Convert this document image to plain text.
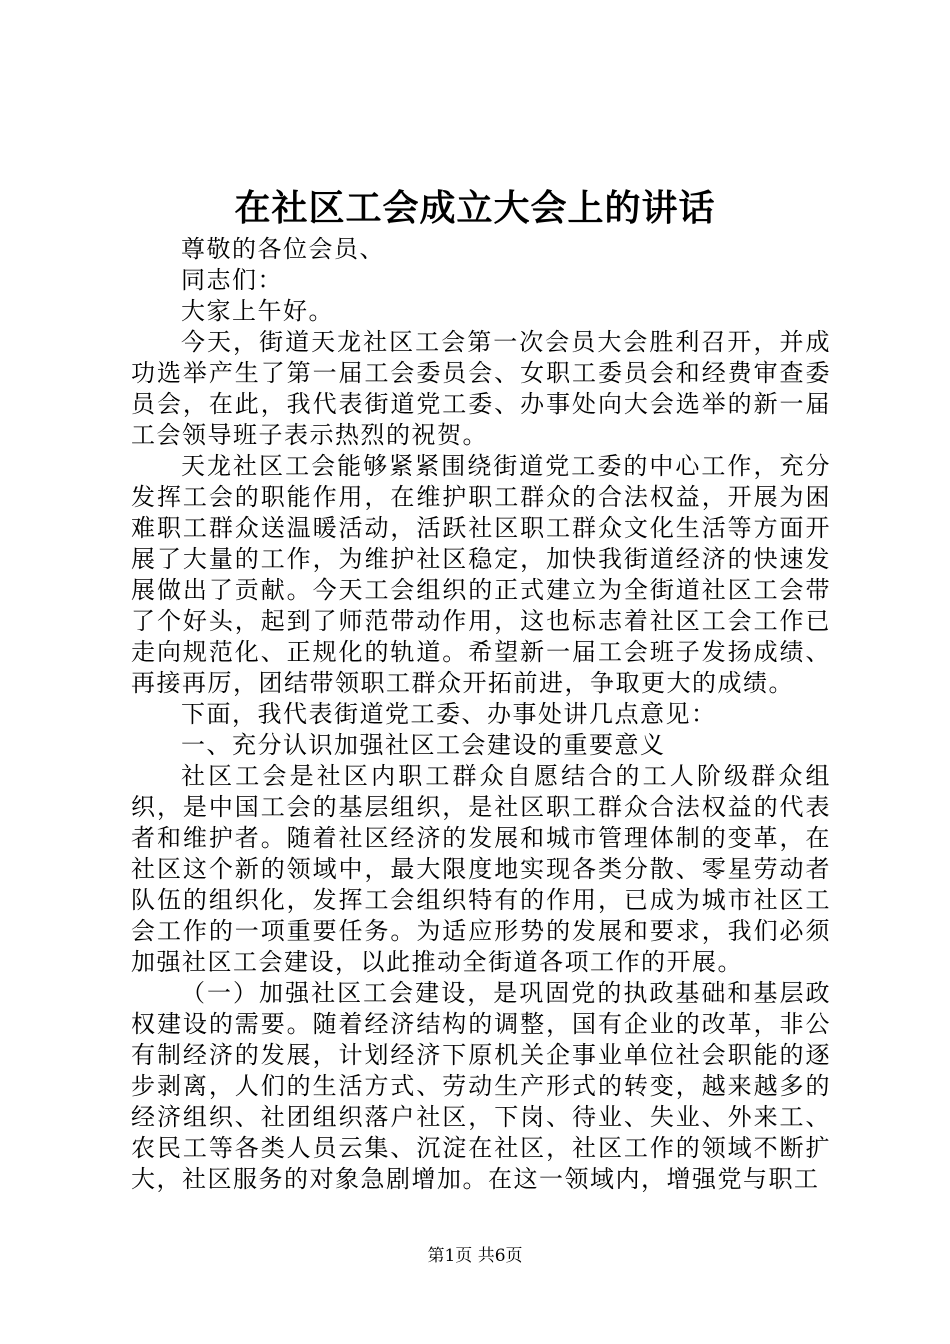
在社区工会成立大会上的讲话

尊敬的各位会员、

同志们：

大家上午好。

今天，街道天龙社区工会第一次会员大会胜利召开，并成功选举产生了第一届工会委员会、女职工委员会和经费审查委员会，在此，我代表街道党工委、办事处向大会选举的新一届工会领导班子表示热烈的祝贺。

天龙社区工会能够紧紧围绕街道党工委的中心工作，充分发挥工会的职能作用，在维护职工群众的合法权益，开展为困难职工群众送温暖活动，活跃社区职工群众文化生活等方面开展了大量的工作，为维护社区稳定，加快我街道经济的快速发展做出了贡献。今天工会组织的正式建立为全街道社区工会带了个好头，起到了师范带动作用，这也标志着社区工会工作已走向规范化、正规化的轨道。希望新一届工会班子发扬成绩、再接再厉，团结带领职工群众开拓前进，争取更大的成绩。

下面，我代表街道党工委、办事处讲几点意见：

一、充分认识加强社区工会建设的重要意义

社区工会是社区内职工群众自愿结合的工人阶级群众组织，是中国工会的基层组织，是社区职工群众合法权益的代表者和维护者。随着社区经济的发展和城市管理体制的变革，在社区这个新的领域中，最大限度地实现各类分散、零星劳动者队伍的组织化，发挥工会组织特有的作用，已成为城市社区工会工作的一项重要任务。为适应形势的发展和要求，我们必须加强社区工会建设，以此推动全街道各项工作的开展。

（一）加强社区工会建设，是巩固党的执政基础和基层政权建设的需要。随着经济结构的调整，国有企业的改革，非公有制经济的发展，计划经济下原机关企事业单位社会职能的逐步剥离，人们的生活方式、劳动生产形式的转变，越来越多的经济组织、社团组织落户社区，下岗、待业、失业、外来工、农民工等各类人员云集、沉淀在社区，社区工作的领域不断扩大，社区服务的对象急剧增加。在这一领域内，增强党与职工

第1页 共6页
